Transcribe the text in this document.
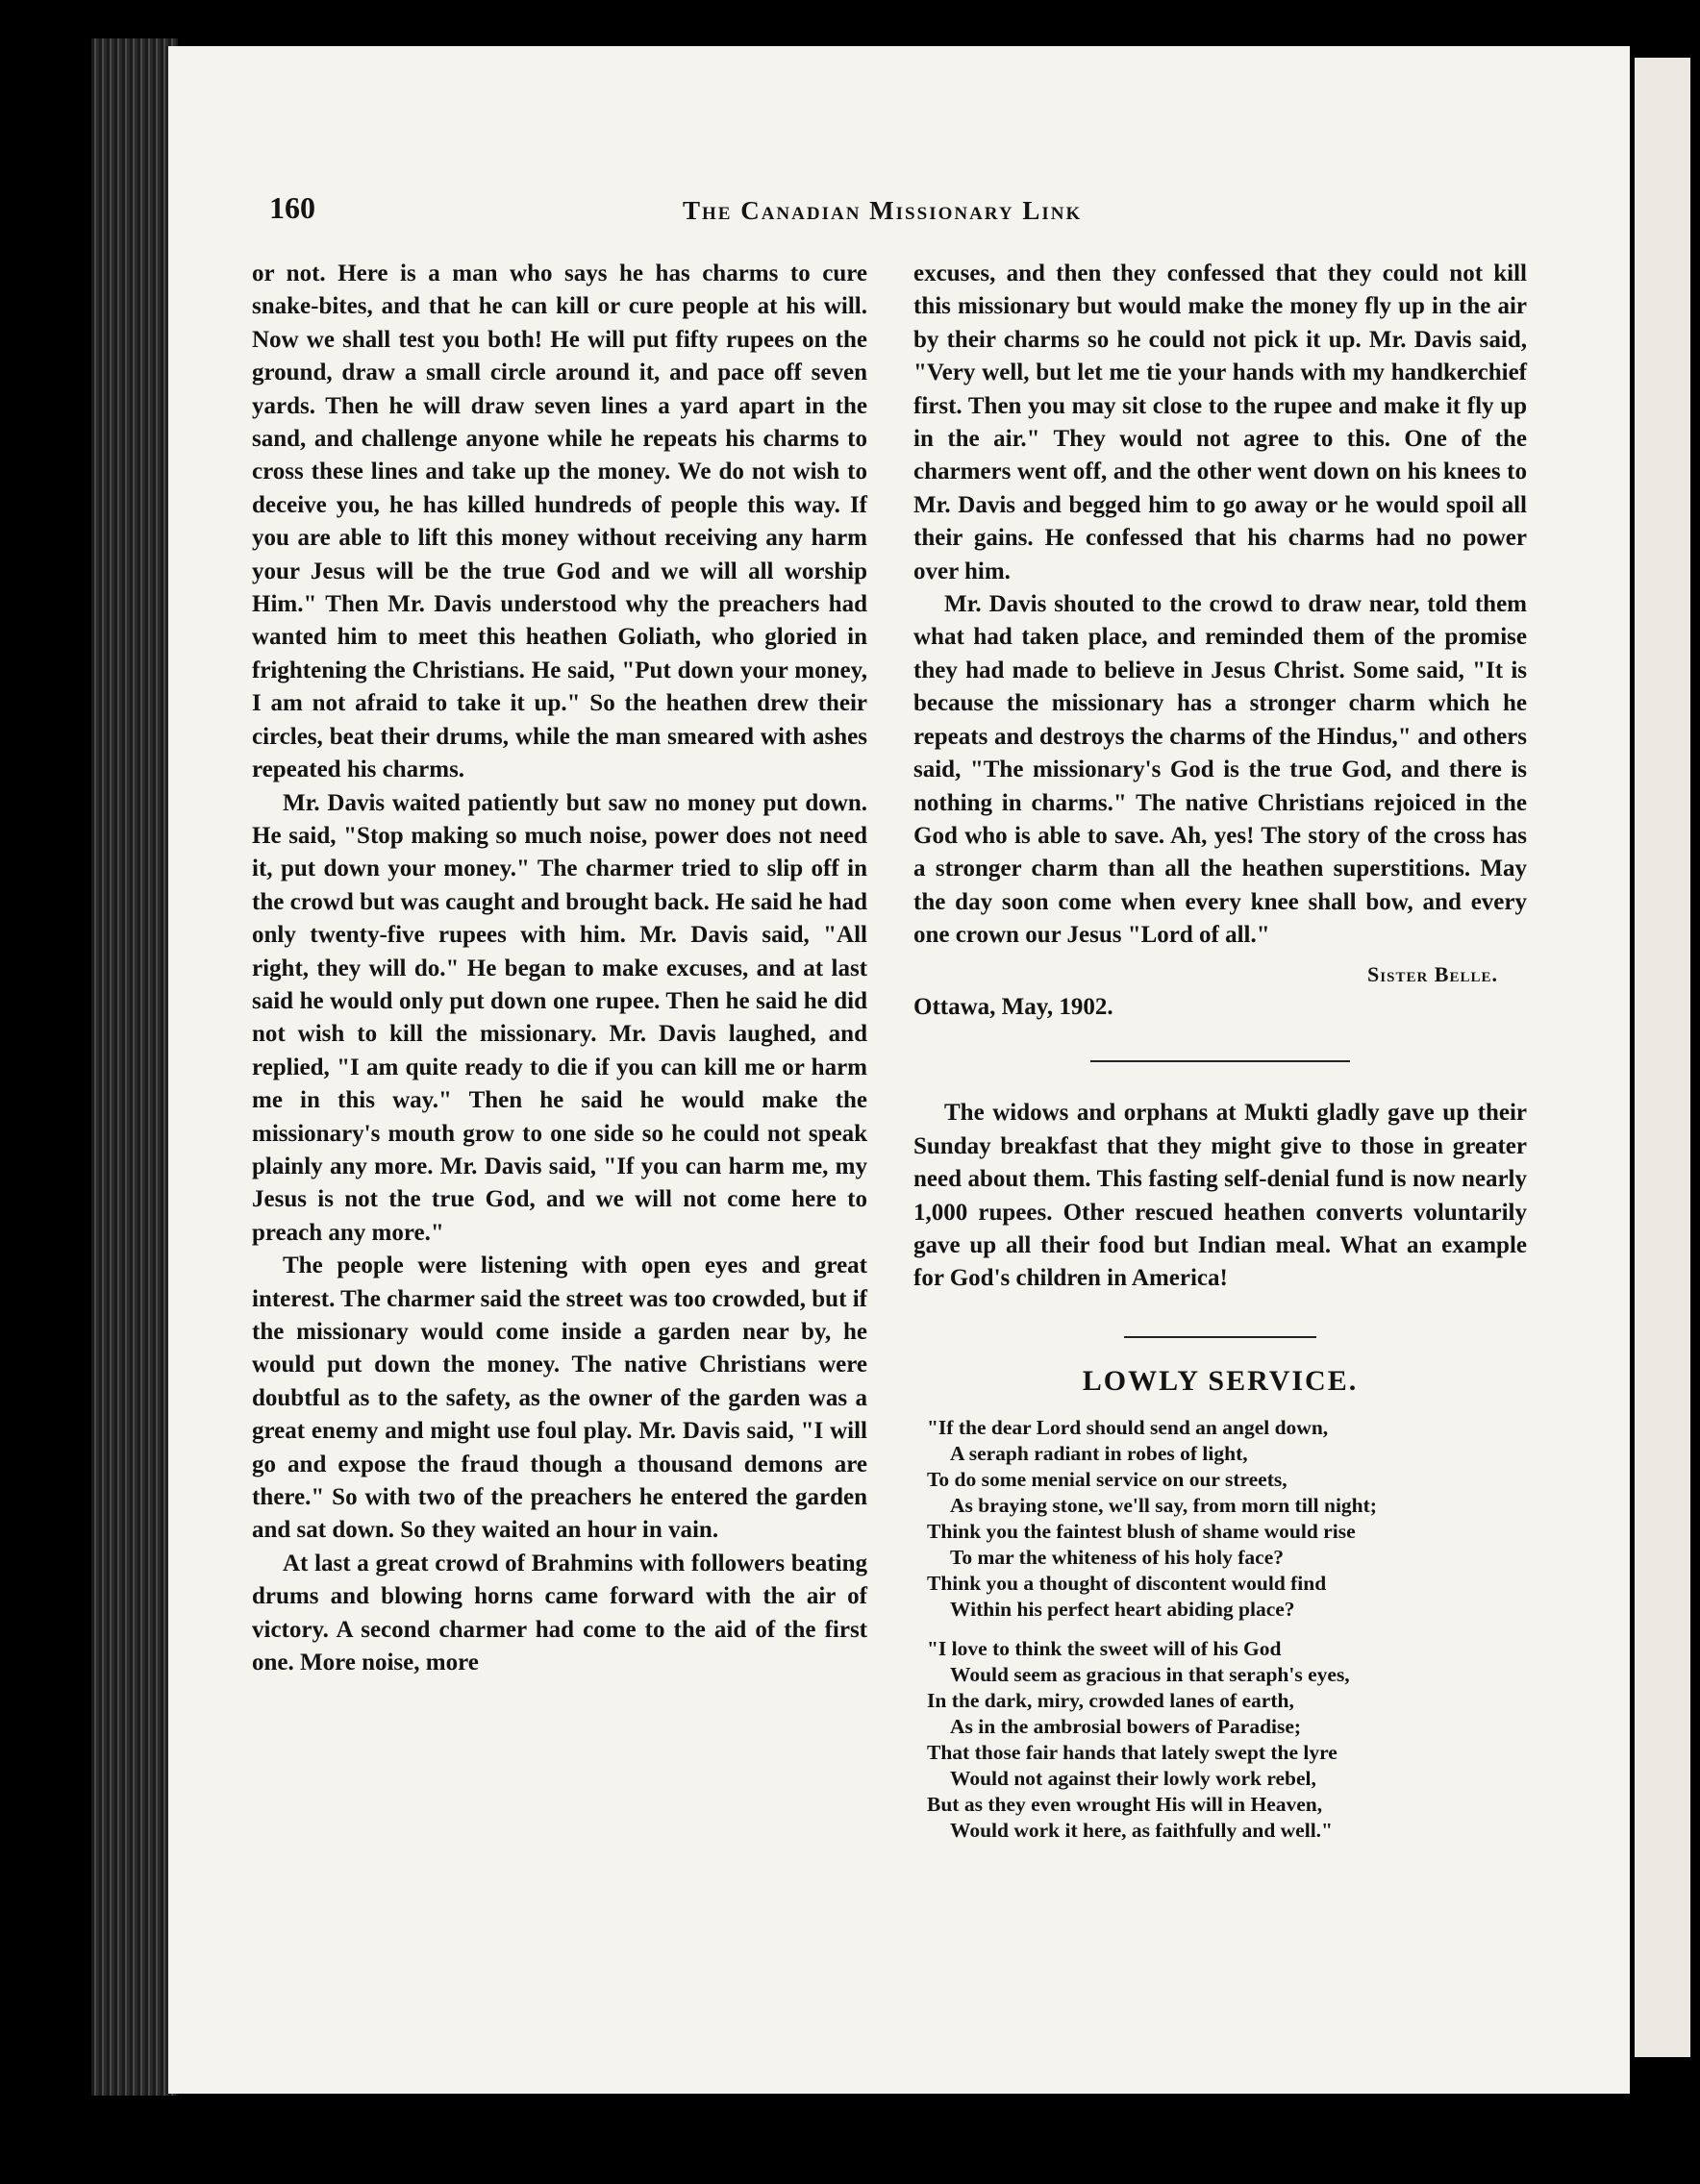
160	The Canadian Missionary Link

or not. Here is a man who says he has charms to cure snake-bites, and that he can kill or cure people at his will. Now we shall test you both! He will put fifty rupees on the ground, draw a small circle around it, and pace off seven yards. Then he will draw seven lines a yard apart in the sand, and challenge anyone while he repeats his charms to cross these lines and take up the money. We do not wish to deceive you, he has killed hundreds of people this way. If you are able to lift this money without receiving any harm your Jesus will be the true God and we will all worship Him." Then Mr. Davis understood why the preachers had wanted him to meet this heathen Goliath, who gloried in frightening the Christians. He said, "Put down your money, I am not afraid to take it up." So the heathen drew their circles, beat their drums, while the man smeared with ashes repeated his charms.

Mr. Davis waited patiently but saw no money put down. He said, "Stop making so much noise, power does not need it, put down your money." The charmer tried to slip off in the crowd but was caught and brought back. He said he had only twenty-five rupees with him. Mr. Davis said, "All right, they will do." He began to make excuses, and at last said he would only put down one rupee. Then he said he did not wish to kill the missionary. Mr. Davis laughed, and replied, "I am quite ready to die if you can kill me or harm me in this way." Then he said he would make the missionary's mouth grow to one side so he could not speak plainly any more. Mr. Davis said, "If you can harm me, my Jesus is not the true God, and we will not come here to preach any more."

The people were listening with open eyes and great interest. The charmer said the street was too crowded, but if the missionary would come inside a garden near by, he would put down the money. The native Christians were doubtful as to the safety, as the owner of the garden was a great enemy and might use foul play. Mr. Davis said, "I will go and expose the fraud though a thousand demons are there." So with two of the preachers he entered the garden and sat down. So they waited an hour in vain.

At last a great crowd of Brahmins with followers beating drums and blowing horns came forward with the air of victory. A second charmer had come to the aid of the first one. More noise, more

excuses, and then they confessed that they could not kill this missionary but would make the money fly up in the air by their charms so he could not pick it up. Mr. Davis said, "Very well, but let me tie your hands with my handkerchief first. Then you may sit close to the rupee and make it fly up in the air." They would not agree to this. One of the charmers went off, and the other went down on his knees to Mr. Davis and begged him to go away or he would spoil all their gains. He confessed that his charms had no power over him.

Mr. Davis shouted to the crowd to draw near, told them what had taken place, and reminded them of the promise they had made to believe in Jesus Christ. Some said, "It is because the missionary has a stronger charm which he repeats and destroys the charms of the Hindus," and others said, "The missionary's God is the true God, and there is nothing in charms." The native Christians rejoiced in the God who is able to save. Ah, yes! The story of the cross has a stronger charm than all the heathen superstitions. May the day soon come when every knee shall bow, and every one crown our Jesus "Lord of all."

Sister Belle.

Ottawa, May, 1902.

The widows and orphans at Mukti gladly gave up their Sunday breakfast that they might give to those in greater need about them. This fasting self-denial fund is now nearly 1,000 rupees. Other rescued heathen converts voluntarily gave up all their food but Indian meal. What an example for God's children in America!

LOWLY SERVICE.
"If the dear Lord should send an angel down,
A seraph radiant in robes of light,
To do some menial service on our streets,
As braying stone, we'll say, from morn till night;
Think you the faintest blush of shame would rise
To mar the whiteness of his holy face?
Think you a thought of discontent would find
Within his perfect heart abiding place?
"I love to think the sweet will of his God
Would seem as gracious in that seraph's eyes,
In the dark, miry, crowded lanes of earth,
As in the ambrosial bowers of Paradise;
That those fair hands that lately swept the lyre
Would not against their lowly work rebel,
But as they even wrought His will in Heaven,
Would work it here, as faithfully and well."
